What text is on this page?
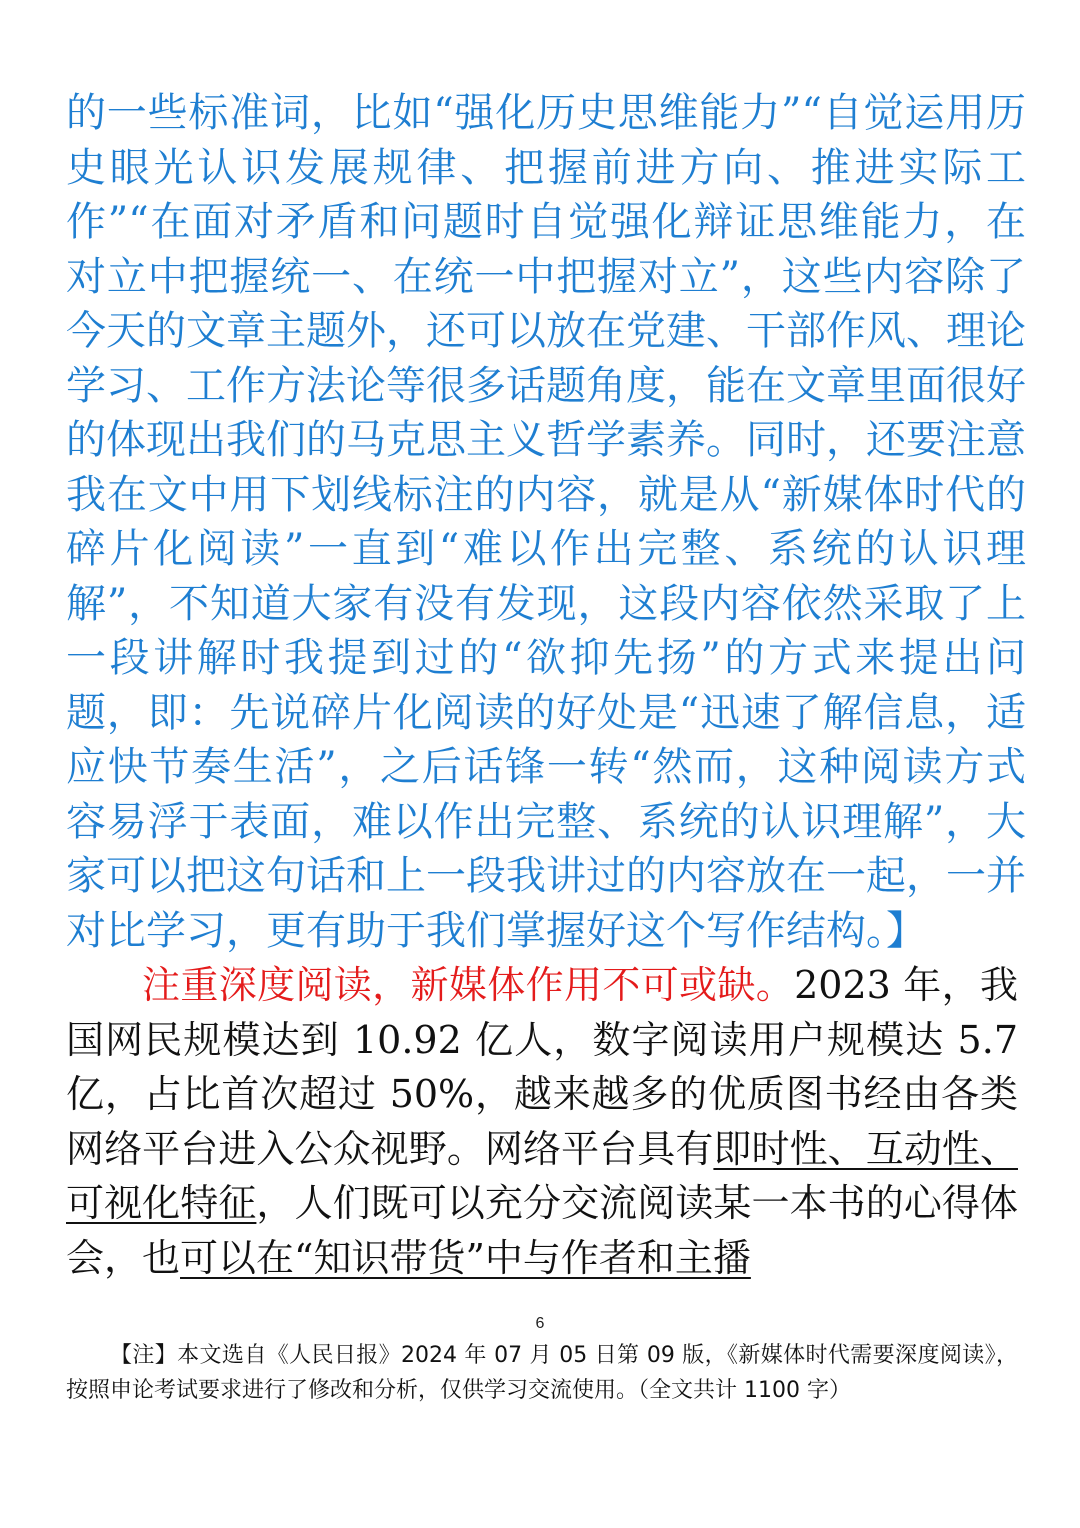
的一些标准词，比如“强化历史思维能力”“自觉运用历史眼光认识发展规律、把握前进方向、推进实际工作”“在面对矛盾和问题时自觉强化辩证思维能力，在对立中把握统一、在统一中把握对立”，这些内容除了今天的文章主题外，还可以放在党建、干部作风、理论学习、工作方法论等很多话题角度，能在文章里面很好的体现出我们的马克思主义哲学素养。同时，还要注意我在文中用下划线标注的内容，就是从“新媒体时代的碎片化阅读”一直到“难以作出完整、系统的认识理解”，不知道大家有没有发现，这段内容依然采取了上一段讲解时我提到过的“欲抑先扬”的方式来提出问题，即：先说碎片化阅读的好处是“迅速了解信息，适应快节奏生活”，之后话锋一转“然而，这种阅读方式容易浮于表面，难以作出完整、系统的认识理解”，大家可以把这句话和上一段我讲过的内容放在一起，一并对比学习，更有助于我们掌握好这个写作结构。】

注重深度阅读，新媒体作用不可或缺。2023 年，我国网民规模达到 10.92 亿人，数字阅读用户规模达 5.7 亿，占比首次超过 50%，越来越多的优质图书经由各类网络平台进入公众视野。网络平台具有即时性、互动性、可视化特征，人们既可以充分交流阅读某一本书的心得体会，也可以在“知识带货”中与作者和主播

6

【注】本文选自《人民日报》2024 年 07 月 05 日第 09 版，《新媒体时代需要深度阅读》，按照申论考试要求进行了修改和分析，仅供学习交流使用。（全文共计 1100 字）
